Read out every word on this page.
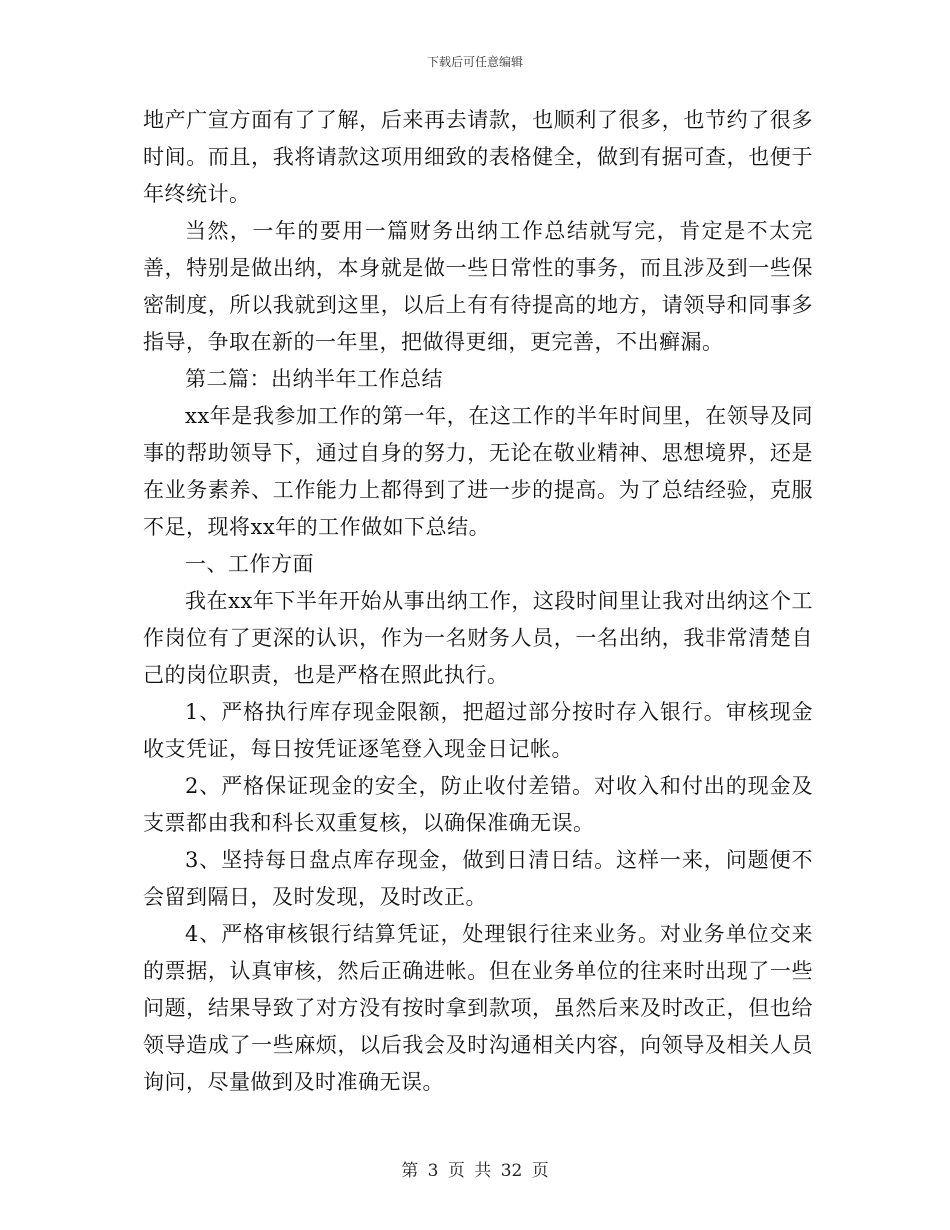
下载后可任意编辑

地产广宣方面有了了解，后来再去请款，也顺利了很多，也节约了很多时间。而且，我将请款这项用细致的表格健全，做到有据可查，也便于年终统计。

当然，一年的要用一篇财务出纳工作总结就写完，肯定是不太完善，特别是做出纳，本身就是做一些日常性的事务，而且涉及到一些保密制度，所以我就到这里，以后上有有待提高的地方，请领导和同事多指导，争取在新的一年里，把做得更细，更完善，不出癣漏。

第二篇：出纳半年工作总结

xx年是我参加工作的第一年，在这工作的半年时间里，在领导及同事的帮助领导下，通过自身的努力，无论在敬业精神、思想境界，还是在业务素养、工作能力上都得到了进一步的提高。为了总结经验，克服不足，现将xx年的工作做如下总结。

一、工作方面

我在xx年下半年开始从事出纳工作，这段时间里让我对出纳这个工作岗位有了更深的认识，作为一名财务人员，一名出纳，我非常清楚自己的岗位职责，也是严格在照此执行。

1、严格执行库存现金限额，把超过部分按时存入银行。审核现金收支凭证，每日按凭证逐笔登入现金日记帐。

2、严格保证现金的安全，防止收付差错。对收入和付出的现金及支票都由我和科长双重复核，以确保准确无误。

3、坚持每日盘点库存现金，做到日清日结。这样一来，问题便不会留到隔日，及时发现，及时改正。

4、严格审核银行结算凭证，处理银行往来业务。对业务单位交来的票据，认真审核，然后正确进帐。但在业务单位的往来时出现了一些问题，结果导致了对方没有按时拿到款项，虽然后来及时改正，但也给领导造成了一些麻烦，以后我会及时沟通相关内容，向领导及相关人员询问，尽量做到及时准确无误。

第 3 页 共 32 页
